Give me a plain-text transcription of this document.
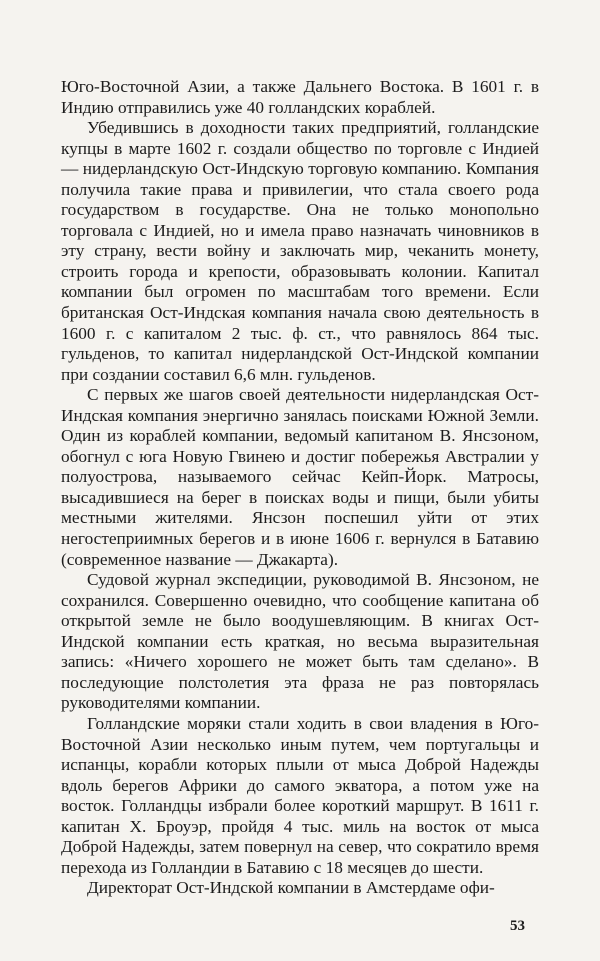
Юго-Восточной Азии, а также Дальнего Востока. В 1601 г. в Индию отправились уже 40 голландских кораблей.

Убедившись в доходности таких предприятий, голландские купцы в марте 1602 г. создали общество по торговле с Индией — нидерландскую Ост-Индскую торговую компанию. Компания получила такие права и привилегии, что стала своего рода государством в государстве. Она не только монопольно торговала с Индией, но и имела право назначать чиновников в эту страну, вести войну и заключать мир, чеканить монету, строить города и крепости, образовывать колонии. Капитал компании был огромен по масштабам того времени. Если британская Ост-Индская компания начала свою деятельность в 1600 г. с капиталом 2 тыс. ф. ст., что равнялось 864 тыс. гульденов, то капитал нидерландской Ост-Индской компании при создании составил 6,6 млн. гульденов.

С первых же шагов своей деятельности нидерландская Ост-Индская компания энергично занялась поисками Южной Земли. Один из кораблей компании, ведомый капитаном В. Янсзоном, обогнул с юга Новую Гвинею и достиг побережья Австралии у полуострова, называемого сейчас Кейп-Йорк. Матросы, высадившиеся на берег в поисках воды и пищи, были убиты местными жителями. Янсзон поспешил уйти от этих негостеприимных берегов и в июне 1606 г. вернулся в Батавию (современное название — Джакарта).

Судовой журнал экспедиции, руководимой В. Янсзоном, не сохранился. Совершенно очевидно, что сообщение капитана об открытой земле не было воодушевляющим. В книгах Ост-Индской компании есть краткая, но весьма выразительная запись: «Ничего хорошего не может быть там сделано». В последующие полстолетия эта фраза не раз повторялась руководителями компании.

Голландские моряки стали ходить в свои владения в Юго-Восточной Азии несколько иным путем, чем португальцы и испанцы, корабли которых плыли от мыса Доброй Надежды вдоль берегов Африки до самого экватора, а потом уже на восток. Голландцы избрали более короткий маршрут. В 1611 г. капитан Х. Броуэр, пройдя 4 тыс. миль на восток от мыса Доброй Надежды, затем повернул на север, что сократило время перехода из Голландии в Батавию с 18 месяцев до шести.

Директорат Ост-Индской компании в Амстердаме офи-

53
